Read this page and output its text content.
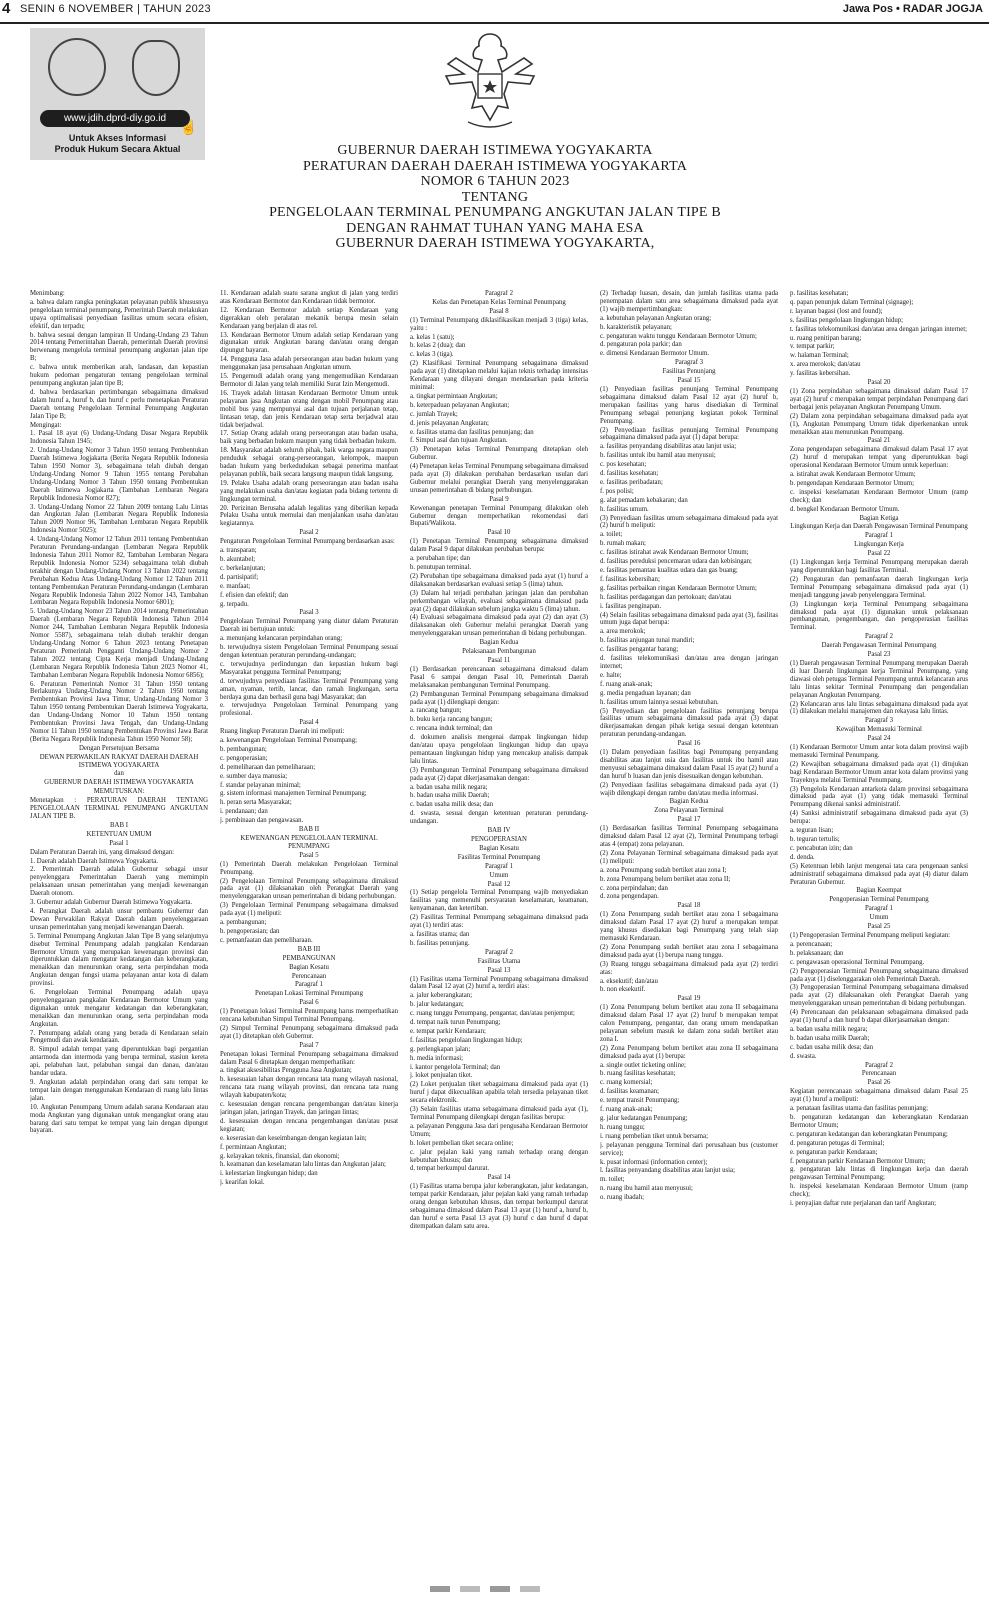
4 SENIN 6 NOVEMBER | TAHUN 2023	Jawa Pos • RADAR JOGJA
www.jdih.dprd-diy.go.id
☝
Untuk Akses Informasi
Produk Hukum Secara Aktual	GUBERNUR DAERAH ISTIMEWA YOGYAKARTA
PERATURAN DAERAH DAERAH ISTIMEWA YOGYAKARTA
NOMOR 6 TAHUN 2023
TENTANG
PENGELOLAAN TERMINAL PENUMPANG ANGKUTAN JALAN TIPE B
DENGAN RAHMAT TUHAN YANG MAHA ESA
GUBERNUR DAERAH ISTIMEWA YOGYAKARTA,

Menimbang:

a. bahwa dalam rangka peningkatan pelayanan publik khususnya pengelolaan terminal penumpang, Pemerintah Daerah melakukan upaya optimalisasi penyediaan fasilitas umum secara efisien, efektif, dan terpadu;

b. bahwa sesuai dengan lampiran II Undang-Undang 23 Tahun 2014 tentang Pemerintahan Daerah, pemerintah Daerah provinsi berwenang mengelola terminal penumpang angkutan jalan tipe B;

c. bahwa untuk memberikan arah, landasan, dan kepastian hukum pedoman pengaturan tentang pengelolaan terminal penumpang angkutan jalan tipe B;

d. bahwa berdasarkan pertimbangan sebagaimana dimaksud dalam huruf a, huruf b, dan huruf c perlu menetapkan Peraturan Daerah tentang Pengelolaan Terminal Penumpang Angkutan Jalan Tipe B;

Mengingat:

1. Pasal 18 ayat (6) Undang-Undang Dasar Negara Republik Indonesia Tahun 1945;

2. Undang-Undang Nomor 3 Tahun 1950 tentang Pembentukan Daerah Istimewa Jogjakarta (Berita Negara Republik Indonesia Tahun 1950 Nomor 3), sebagaimana telah diubah dengan Undang-Undang Nomor 9 Tahun 1955 tentang Perubahan Undang-Undang Nomor 3 Tahun 1950 tentang Pembentukan Daerah Istimewa Jogjakarta (Tambahan Lembaran Negara Republik Indonesia Nomor 827);

3. Undang-Undang Nomor 22 Tahun 2009 tentang Lalu Lintas dan Angkutan Jalan (Lembaran Negara Republik Indonesia Tahun 2009 Nomor 96, Tambahan Lembaran Negara Republik Indonesia Nomor 5025);

4. Undang-Undang Nomor 12 Tahun 2011 tentang Pembentukan Peraturan Perundang-undangan (Lembaran Negara Republik Indonesia Tahun 2011 Nomor 82, Tambahan Lembaran Negara Republik Indonesia Nomor 5234) sebagaimana telah diubah terakhir dengan Undang-Undang Nomor 13 Tahun 2022 tentang Perubahan Kedua Atas Undang-Undang Nomor 12 Tahun 2011 tentang Pembentukan Peraturan Perundang-undangan (Lembaran Negara Republik Indonesia Tahun 2022 Nomor 143, Tambahan Lembaran Negara Republik Indonesia Nomor 6801);

5. Undang-Undang Nomor 23 Tahun 2014 tentang Pemerintahan Daerah (Lembaran Negara Republik Indonesia Tahun 2014 Nomor 244, Tambahan Lembaran Negara Republik Indonesia Nomor 5587), sebagaimana telah diubah terakhir dengan Undang-Undang Nomor 6 Tahun 2023 tentang Penetapan Peraturan Pemerintah Pengganti Undang-Undang Nomor 2 Tahun 2022 tentang Cipta Kerja menjadi Undang-Undang (Lembaran Negara Republik Indonesia Tahun 2023 Nomor 41, Tambahan Lembaran Negara Republik Indonesia Nomor 6856);

6. Peraturan Pemerintah Nomor 31 Tahun 1950 tentang Berlakunya Undang-Undang Nomor 2 Tahun 1950 tentang Pembentukan Provinsi Jawa Timur, Undang-Undang Nomor 3 Tahun 1950 tentang Pembentukan Daerah Istimewa Yogyakarta, dan Undang-Undang Nomor 10 Tahun 1950 tentang Pembentukan Provinsi Jawa Tengah, dan Undang-Undang Nomor 11 Tahun 1950 tentang Pembentukan Provinsi Jawa Barat (Berita Negara Republik Indonesia Tahun 1950 Nomor 58);

Dengan Persetujuan Bersama

DEWAN PERWAKILAN RAKYAT DAERAH DAERAH ISTIMEWA YOGYAKARTA

dan

GUBERNUR DAERAH ISTIMEWA YOGYAKARTA

MEMUTUSKAN:

Menetapkan : PERATURAN DAERAH TENTANG PENGELOLAAN TERMINAL PENUMPANG ANGKUTAN JALAN TIPE B.

BAB I

KETENTUAN UMUM

Pasal 1

Dalam Peraturan Daerah ini, yang dimaksud dengan:

1. Daerah adalah Daerah Istimewa Yogyakarta.

2. Pemerintah Daerah adalah Gubernur sebagai unsur penyelenggara Pemerintahan Daerah yang memimpin pelaksanaan urusan pemerintahan yang menjadi kewenangan Daerah otonom.

3. Gubernur adalah Gubernur Daerah Istimewa Yogyakarta.

4. Perangkat Daerah adalah unsur pembantu Gubernur dan Dewan Perwakilan Rakyat Daerah dalam penyelenggaraan urusan pemerintahan yang menjadi kewenangan Daerah.

5. Terminal Penumpang Angkutan Jalan Tipe B yang selanjutnya disebut Terminal Penumpang adalah pangkalan Kendaraan Bermotor Umum yang merupakan kewenangan provinsi dan diperuntukkan dalam mengatur kedatangan dan keberangkatan, menaikkan dan menurunkan orang, serta perpindahan moda Angkutan dengan fungsi utama pelayanan antar kota di dalam provinsi.

6. Pengelolaan Terminal Penumpang adalah upaya penyelenggaraan pangkalan Kendaraan Bermotor Umum yang digunakan untuk mengatur kedatangan dan keberangkatan, menaikkan dan menurunkan orang, serta perpindahan moda Angkutan.

7. Penumpang adalah orang yang berada di Kendaraan selain Pengemudi dan awak kendaraan.

8. Simpul adalah tempat yang diperuntukkan bagi pergantian antarmoda dan intermoda yang berupa terminal, stasiun kereta api, pelabuhan laut, pelabuhan sungai dan danau, dan/atau bandar udara.

9. Angkutan adalah perpindahan orang dari satu tempat ke tempat lain dengan menggunakan Kendaraan di ruang lalu lintas jalan.

10. Angkutan Penumpang Umum adalah sarana Kendaraan atau moda Angkutan yang digunakan untuk mengangkut orang atau barang dari satu tempat ke tempat yang lain dengan dipungut bayaran.

11. Kendaraan adalah suatu sarana angkut di jalan yang terdiri atas Kendaraan Bermotor dan Kendaraan tidak bermotor.

12. Kendaraan Bermotor adalah setiap Kendaraan yang digerakkan oleh peralatan mekanik berupa mesin selain Kendaraan yang berjalan di atas rel.

13. Kendaraan Bermotor Umum adalah setiap Kendaraan yang digunakan untuk Angkutan barang dan/atau orang dengan dipungut bayaran.

14. Pengguna Jasa adalah perseorangan atau badan hukum yang menggunakan jasa perusahaan Angkutan umum.

15. Pengemudi adalah orang yang mengemudikan Kendaraan Bermotor di Jalan yang telah memiliki Surat Izin Mengemudi.

16. Trayek adalah lintasan Kendaraan Bermotor Umum untuk pelayanan jasa Angkutan orang dengan mobil Penumpang atau mobil bus yang mempunyai asal dan tujuan perjalanan tetap, lintasan tetap, dan jenis Kendaraan tetap serta berjadwal atau tidak berjadwal.

17. Setiap Orang adalah orang perseorangan atau badan usaha, baik yang berbadan hukum maupun yang tidak berbadan hukum.

18. Masyarakat adalah seluruh pihak, baik warga negara maupun penduduk sebagai orang-perseorangan, kelompok, maupun badan hukum yang berkedudukan sebagai penerima manfaat pelayanan publik, baik secara langsung maupun tidak langsung.

19. Pelaku Usaha adalah orang perseorangan atau badan usaha yang melakukan usaha dan/atau kegiatan pada bidang tertentu di lingkungan terminal.

20. Perizinan Berusaha adalah legalitas yang diberikan kepada Pelaku Usaha untuk memulai dan menjalankan usaha dan/atau kegiatannya.

Pasal 2

Pengaturan Pengelolaan Terminal Penumpang berdasarkan asas:

a. transparan;

b. akuntabel;

c. berkelanjutan;

d. partisipatif;

e. manfaat;

f. efisien dan efektif; dan

g. terpadu.

Pasal 3

Pengelolaan Terminal Penumpang yang diatur dalam Peraturan Daerah ini bertujuan untuk:

a. menunjang kelancaran perpindahan orang;

b. terwujudnya sistem Pengelolaan Terminal Penumpang sesuai dengan ketentuan peraturan perundang-undangan;

c. terwujudnya perlindungan dan kepastian hukum bagi Masyarakat pengguna Terminal Penumpang;

d. terwujudnya penyediaan fasilitas Terminal Penumpang yang aman, nyaman, tertib, lancar, dan ramah lingkungan, serta berdaya guna dan berhasil guna bagi Masyarakat; dan

e. terwujudnya Pengelolaan Terminal Penumpang yang profesional.

Pasal 4

Ruang lingkup Peraturan Daerah ini meliputi:

a. kewenangan Pengelolaan Terminal Penumpang;

b. pembangunan;

c. pengoperasian;

d. pemeliharaan dan pemeliharaan;

e. sumber daya manusia;

f. standar pelayanan minimal;

g. sistem informasi manajemen Terminal Penumpang;

h. peran serta Masyarakat;

i. pendanaan; dan

j. pembinaan dan pengawasan.

BAB II

KEWENANGAN PENGELOLAAN TERMINAL PENUMPANG

Pasal 5

(1) Pemerintah Daerah melakukan Pengelolaan Terminal Penumpang.

(2) Pengelolaan Terminal Penumpang sebagaimana dimaksud pada ayat (1) dilaksanakan oleh Perangkat Daerah yang menyelenggarakan urusan pemerintahan di bidang perhubungan.

(3) Pengelolaan Terminal Penumpang sebagaimana dimaksud pada ayat (1) meliputi:

a. pembangunan;

b. pengoperasian; dan

c. pemanfaatan dan pemeliharaan.

BAB III

PEMBANGUNAN

Bagian Kesatu

Perencanaan

Paragraf 1

Penetapan Lokasi Terminal Penumpang

Pasal 6

(1) Penetapan lokasi Terminal Penumpang harus memperhatikan rencana kebutuhan Simpul Terminal Penumpang.

(2) Simpul Terminal Penumpang sebagaimana dimaksud pada ayat (1) ditetapkan oleh Gubernur.

Pasal 7

Penetapan lokasi Terminal Penumpang sebagaimana dimaksud dalam Pasal 6 ditetapkan dengan memperhatikan:

a. tingkat aksesibilitas Pengguna Jasa Angkutan;

b. kesesuaian lahan dengan rencana tata ruang wilayah nasional, rencana tata ruang wilayah provinsi, dan rencana tata ruang wilayah kabupaten/kota;

c. kesesuaian dengan rencana pengembangan dan/atau kinerja jaringan jalan, jaringan Trayek, dan jaringan lintas;

d. kesesuaian dengan rencana pengembangan dan/atau pusat kegiatan;

e. keserasian dan keseimbangan dengan kegiatan lain;

f. permintaan Angkutan;

g. kelayakan teknis, finansial, dan ekonomi;

h. keamanan dan keselamatan lalu lintas dan Angkutan jalan;

i. kelestarian lingkungan hidup; dan

j. kearifan lokal.

Paragraf 2

Kelas dan Penetapan Kelas Terminal Penumpang

Pasal 8

(1) Terminal Penumpang diklasifikasikan menjadi 3 (tiga) kelas, yaitu :

a. kelas 1 (satu);

b. kelas 2 (dua); dan

c. kelas 3 (tiga).

(2) Klasifikasi Terminal Penumpang sebagaimana dimaksud pada ayat (1) ditetapkan melalui kajian teknis terhadap intensitas Kendaraan yang dilayani dengan mendasarkan pada kriteria minimal:

a. tingkat permintaan Angkutan;

b. keterpaduan pelayanan Angkutan;

c. jumlah Trayek;

d. jenis pelayanan Angkutan;

e. fasilitas utama dan fasilitas penunjang; dan

f. Simpul asal dan tujuan Angkutan.

(3) Penetapan kelas Terminal Penumpang ditetapkan oleh Gubernur.

(4) Penetapan kelas Terminal Penumpang sebagaimana dimaksud pada ayat (3) dilakukan perubahan berdasarkan usulan dari Gubernur melalui perangkat Daerah yang menyelenggarakan urusan pemerintahan di bidang perhubungan.

Pasal 9

Kewenangan penetapan Terminal Penumpang dilakukan oleh Gubernur dengan memperhatikan rekomendasi dari Bupati/Walikota.

Pasal 10

(1) Penetapan Terminal Penumpang sebagaimana dimaksud dalam Pasal 9 dapat dilakukan perubahan berupa:

a. perubahan tipe; dan

b. penutupan terminal.

(2) Perubahan tipe sebagaimana dimaksud pada ayat (1) huruf a dilaksanakan berdasarkan evaluasi setiap 5 (lima) tahun.

(3) Dalam hal terjadi perubahan jaringan jalan dan perubahan perkembangan wilayah, evaluasi sebagaimana dimaksud pada ayat (2) dapat dilakukan sebelum jangka waktu 5 (lima) tahun.

(4) Evaluasi sebagaimana dimaksud pada ayat (2) dan ayat (3) dilaksanakan oleh Gubernur melalui perangkat Daerah yang menyelenggarakan urusan pemerintahan di bidang perhubungan.

Bagian Kedua

Pelaksanaan Pembangunan

Pasal 11

(1) Berdasarkan perencanaan sebagaimana dimaksud dalam Pasal 6 sampai dengan Pasal 10, Pemerintah Daerah melaksanakan pembangunan Terminal Penumpang.

(2) Pembangunan Terminal Penumpang sebagaimana dimaksud pada ayat (1) dilengkapi dengan:

a. rancang bangun;

b. buku kerja rancang bangun;

c. rencana induk terminal; dan

d. dokumen analisis mengenai dampak lingkungan hidup dan/atau upaya pengelolaan lingkungan hidup dan upaya pemantauan lingkungan hidup yang mencakup analisis dampak lalu lintas.

(3) Pembangunan Terminal Penumpang sebagaimana dimaksud pada ayat (2) dapat dikerjasamakan dengan:

a. badan usaha milik negara;

b. badan usaha milik Daerah;

c. badan usaha milik desa; dan

d. swasta, sesuai dengan ketentuan peraturan perundang-undangan.

BAB IV

PENGOPERASIAN

Bagian Kesatu

Fasilitas Terminal Penumpang

Paragraf 1

Umum

Pasal 12

(1) Setiap pengelola Terminal Penumpang wajib menyediakan fasilitas yang memenuhi persyaratan keselamatan, keamanan, kenyamanan, dan ketertiban.

(2) Fasilitas Terminal Penumpang sebagaimana dimaksud pada ayat (1) terdiri atas:

a. fasilitas utama; dan

b. fasilitas penunjang.

Paragraf 2

Fasilitas Utama

Pasal 13

(1) Fasilitas utama Terminal Penumpang sebagaimana dimaksud dalam Pasal 12 ayat (2) huruf a, terdiri atas:

a. jalur keberangkatan;

b. jalur kedatangan;

c. ruang tunggu Penumpang, pengantar, dan/atau penjemput;

d. tempat naik turun Penumpang;

e. tempat parkir Kendaraan;

f. fasilitas pengelolaan lingkungan hidup;

g. perlengkapan jalan;

h. media informasi;

i. kantor pengelola Terminal; dan

j. loket penjualan tiket.

(2) Loket penjualan tiket sebagaimana dimaksud pada ayat (1) huruf j dapat dikecualikan apabila telah tersedia pelayanan tiket secara elektronik.

(3) Selain fasilitas utama sebagaimana dimaksud pada ayat (1), Terminal Penumpang dilengkapi dengan fasilitas berupa:

a. pelayanan Pengguna Jasa dari pengusaha Kendaraan Bermotor Umum;

b. loket pembelian tiket secara online;

c. jalur pejalan kaki yang ramah terhadap orang dengan kebutuhan khusus; dan

d. tempat berkumpul darurat.

Pasal 14

(1) Fasilitas utama berupa jalur keberangkatan, jalur kedatangan, tempat parkir Kendaraan, jalur pejalan kaki yang ramah terhadap orang dengan kebutuhan khusus, dan tempat berkumpul darurat sebagaimana dimaksud dalam Pasal 13 ayat (1) huruf a, huruf b, dan huruf e serta Pasal 13 ayat (3) huruf c dan huruf d dapat ditempatkan dalam satu area.

(2) Terhadap luasan, desain, dan jumlah fasilitas utama pada penempatan dalam satu area sebagaimana dimaksud pada ayat (1) wajib mempertimbangkan:

a. kebutuhan pelayanan Angkutan orang;

b. karakteristik pelayanan;

c. pengaturan waktu tunggu Kendaraan Bermotor Umum;

d. pengaturan pola parkir; dan

e. dimensi Kendaraan Bermotor Umum.

Paragraf 3

Fasilitas Penunjang

Pasal 15

(1) Penyediaan fasilitas penunjang Terminal Penumpang sebagaimana dimaksud dalam Pasal 12 ayat (2) huruf b, merupakan fasilitas yang harus disediakan di Terminal Penumpang sebagai penunjang kegiatan pokok Terminal Penumpang.

(2) Penyediaan fasilitas penunjang Terminal Penumpang sebagaimana dimaksud pada ayat (1) dapat berupa:

a. fasilitas penyandang disabilitas atau lanjut usia;

b. fasilitas untuk ibu hamil atau menyusui;

c. pos kesehatan;

d. fasilitas kesehatan;

e. fasilitas peribadatan;

f. pos polisi;

g. alat pemadam kebakaran; dan

h. fasilitas umum.

(3) Penyediaan fasilitas umum sebagaimana dimaksud pada ayat (2) huruf h meliputi:

a. toilet;

b. rumah makan;

c. fasilitas istirahat awak Kendaraan Bermotor Umum;

d. fasilitas pereduksi pencemaran udara dan kebisingan;

e. fasilitas pemantau kualitas udara dan gas buang;

f. fasilitas kebersihan;

g. fasilitas perbaikan ringan Kendaraan Bermotor Umum;

h. fasilitas perdagangan dan pertokoan; dan/atau

i. fasilitas penginapan.

(4) Selain fasilitas sebagaimana dimaksud pada ayat (3), fasilitas umum juga dapat berupa:

a. area merokok;

b. fasilitas anjungan tunai mandiri;

c. fasilitas pengantar barang;

d. fasilitas telekomunikasi dan/atau area dengan jaringan internet;

e. halte;

f. ruang anak-anak;

g. media pengaduan layanan; dan

h. fasilitas umum lainnya sesuai kebutuhan.

(5) Penyediaan dan pengelolaan fasilitas penunjang berupa fasilitas umum sebagaimana dimaksud pada ayat (3) dapat dikerjasamakan dengan pihak ketiga sesuai dengan ketentuan peraturan perundang-undangan.

Pasal 16

(1) Dalam penyediaan fasilitas bagi Penumpang penyandang disabilitas atau lanjut usia dan fasilitas untuk ibu hamil atau menyusui sebagaimana dimaksud dalam Pasal 15 ayat (2) huruf a dan huruf b luasan dan jenis disesuaikan dengan kebutuhan.

(2) Penyediaan fasilitas sebagaimana dimaksud pada ayat (1) wajib dilengkapi dengan rambu dan/atau media informasi.

Bagian Kedua

Zona Pelayanan Terminal

Pasal 17

(1) Berdasarkan fasilitas Terminal Penumpang sebagaimana dimaksud dalam Pasal 12 ayat (2), Terminal Penumpang terbagi atas 4 (empat) zona pelayanan.

(2) Zona Pelayanan Terminal sebagaimana dimaksud pada ayat (1) meliputi:

a. zona Penumpang sudah bertiket atau zona I;

b. zona Penumpang belum bertiket atau zona II;

c. zona perpindahan; dan

d. zona pengendapan.

Pasal 18

(1) Zona Penumpang sudah bertiket atau zona I sebagaimana dimaksud dalam Pasal 17 ayat (2) huruf a merupakan tempat yang khusus disediakan bagi Penumpang yang telah siap memasuki Kendaraan.

(2) Zona Penumpang sudah bertiket atau zona I sebagaimana dimaksud pada ayat (1) berupa ruang tunggu.

(3) Ruang tunggu sebagaimana dimaksud pada ayat (2) terdiri atas:

a. eksekutif; dan/atau

b. non eksekutif.

Pasal 19

(1) Zona Penumpang belum bertiket atau zona II sebagaimana dimaksud dalam Pasal 17 ayat (2) huruf b merupakan tempat calon Penumpang, pengantar, dan orang umum mendapatkan pelayanan sebelum masuk ke dalam zona sudah bertiket atau zona I.

(2) Zona Penumpang belum bertiket atau zona II sebagaimana dimaksud pada ayat (1) berupa:

a. single outlet ticketing online;

b. ruang fasilitas kesehatan;

c. ruang komersial;

d. fasilitas keamanan;

e. tempat transit Penumpang;

f. ruang anak-anak;

g. jalur kedatangan Penumpang;

h. ruang tunggu;

i. ruang pembelian tiket untuk bersama;

j. pelayanan pengguna Terminal dari perusahaan bus (customer service);

k. pusat informasi (information center);

l. fasilitas penyandang disabilitas atau lanjut usia;

m. toilet;

n. ruang ibu hamil atau menyusui;

o. ruang ibadah;

p. fasilitas kesehatan;

q. papan penunjuk dalam Terminal (signage);

r. layanan bagasi (lost and found);

s. fasilitas pengelolaan lingkungan hidup;

t. fasilitas telekomunikasi dan/atau area dengan jaringan internet;

u. ruang penitipan barang;

v. tempat parkir;

w. halaman Terminal;

x. area merokok; dan/atau

y. fasilitas kebersihan.

Pasal 20

(1) Zona perpindahan sebagaimana dimaksud dalam Pasal 17 ayat (2) huruf c merupakan tempat perpindahan Penumpang dari berbagai jenis pelayanan Angkutan Penumpang Umum.

(2) Dalam zona perpindahan sebagaimana dimaksud pada ayat (1), Angkutan Penumpang Umum tidak diperkenankan untuk menaikkan atau menurunkan Penumpang.

Pasal 21

Zona pengendapan sebagaimana dimaksud dalam Pasal 17 ayat (2) huruf d merupakan tempat yang diperuntukkan bagi operasional Kendaraan Bermotor Umum untuk keperluan:

a. istirahat awak Kendaraan Bermotor Umum;

b. pengendapan Kendaraan Bermotor Umum;

c. inspeksi keselamatan Kendaraan Bermotor Umum (ramp check); dan

d. bengkel Kendaraan Bermotor Umum.

Bagian Ketiga

Lingkungan Kerja dan Daerah Pengawasan Terminal Penumpang

Paragraf 1

Lingkungan Kerja

Pasal 22

(1) Lingkungan kerja Terminal Penumpang merupakan daerah yang diperuntukkan bagi fasilitas Terminal.

(2) Pengaturan dan pemanfaatan daerah lingkungan kerja Terminal Penumpang sebagaimana dimaksud pada ayat (1) menjadi tanggung jawab penyelenggara Terminal.

(3) Lingkungan kerja Terminal Penumpang sebagaimana dimaksud pada ayat (1) digunakan untuk pelaksanaan pembangunan, pengembangan, dan pengoperasian fasilitas Terminal.

Paragraf 2

Daerah Pengawasan Terminal Penumpang

Pasal 23

(1) Daerah pengawasan Terminal Penumpang merupakan Daerah di luar Daerah lingkungan kerja Terminal Penumpang, yang diawasi oleh petugas Terminal Penumpang untuk kelancaran arus lalu lintas sekitar Terminal Penumpang dan pengendalian pelayanan Angkutan Penumpang.

(2) Kelancaran arus lalu lintas sebagaimana dimaksud pada ayat (1) dilakukan melalui manajemen dan rekayasa lalu lintas.

Paragraf 3

Kewajiban Memasuki Terminal

Pasal 24

(1) Kendaraan Bermotor Umum antar kota dalam provinsi wajib memasuki Terminal Penumpang.

(2) Kewajiban sebagaimana dimaksud pada ayat (1) ditujukan bagi Kendaraan Bermotor Umum antar kota dalam provinsi yang Trayeknya melalui Terminal Penumpang.

(3) Pengelola Kendaraan antarkota dalam provinsi sebagaimana dimaksud pada ayat (1) yang tidak memasuki Terminal Penumpang dikenai sanksi administratif.

(4) Sanksi administratif sebagaimana dimaksud pada ayat (3) berupa:

a. teguran lisan;

b. teguran tertulis;

c. pencabutan izin; dan

d. denda.

(5) Ketentuan lebih lanjut mengenai tata cara pengenaan sanksi administratif sebagaimana dimaksud pada ayat (4) diatur dalam Peraturan Gubernur.

Bagian Keempat

Pengoperasian Terminal Penumpang

Paragraf 1

Umum

Pasal 25

(1) Pengoperasian Terminal Penumpang meliputi kegiatan:

a. perencanaan;

b. pelaksanaan; dan

c. pengawasan operasional Terminal Penumpang.

(2) Pengoperasian Terminal Penumpang sebagaimana dimaksud pada ayat (1) diselenggarakan oleh Pemerintah Daerah.

(3) Pengoperasian Terminal Penumpang sebagaimana dimaksud pada ayat (2) dilaksanakan oleh Perangkat Daerah yang menyelenggarakan urusan pemerintahan di bidang perhubungan.

(4) Perencanaan dan pelaksanaan sebagaimana dimaksud pada ayat (1) huruf a dan huruf b dapat dikerjasamakan dengan:

a. badan usaha milik negara;

b. badan usaha milik Daerah;

c. badan usaha milik desa; dan

d. swasta.

Paragraf 2

Perencanaan

Pasal 26

Kegiatan perencanaan sebagaimana dimaksud dalam Pasal 25 ayat (1) huruf a meliputi:

a. penataan fasilitas utama dan fasilitas penunjang;

b. pengaturan kedatangan dan keberangkatan Kendaraan Bermotor Umum;

c. pengaturan kedatangan dan keberangkatan Penumpang;

d. pengaturan petugas di Terminal;

e. pengaturan parkir Kendaraan;

f. pengaturan parkir Kendaraan Bermotor Umum;

g. pengaturan lalu lintas di lingkungan kerja dan daerah pengawasan Terminal Penumpang;

h. inspeksi keselamatan Kendaraan Bermotor Umum (ramp check);

i. penyajian daftar rute perjalanan dan tarif Angkutan;
